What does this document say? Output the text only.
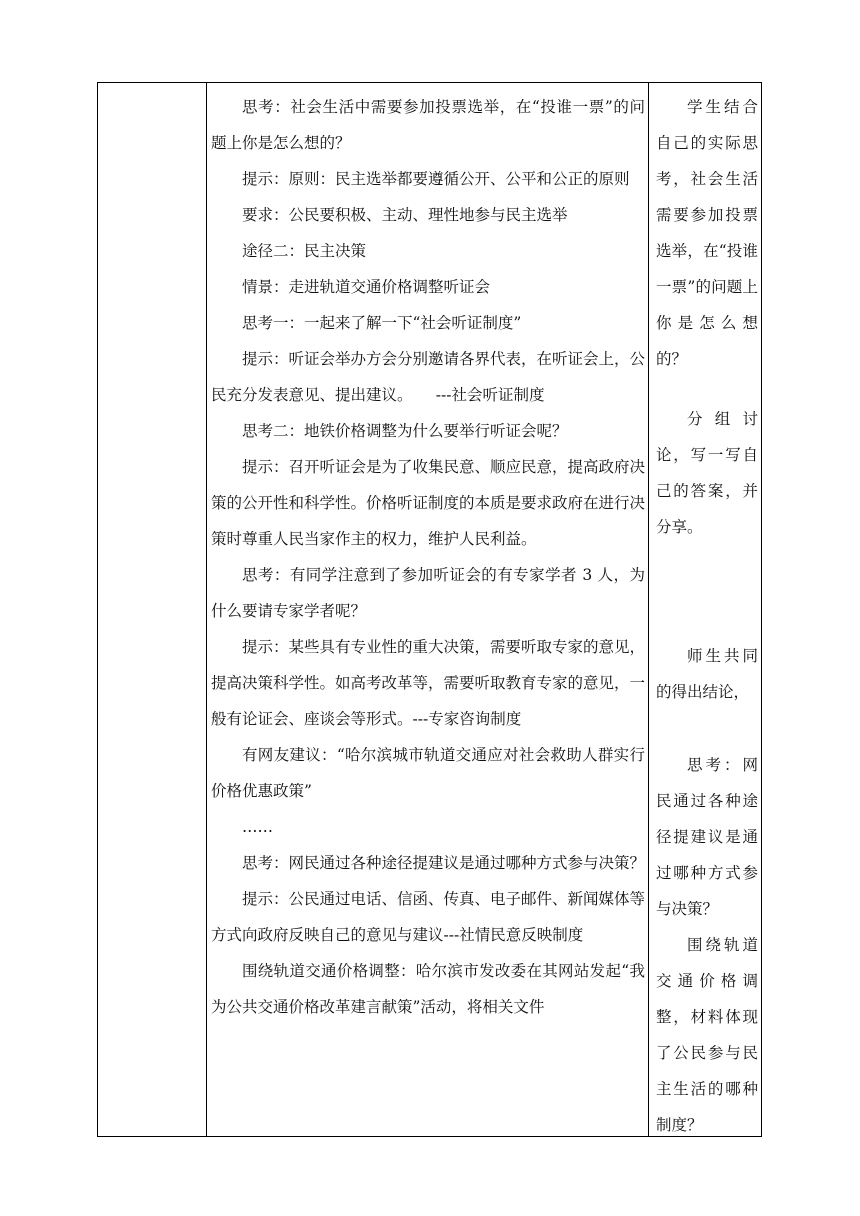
思考：社会生活中需要参加投票选举，在“投谁一票”的问题上你是怎么想的？

提示：原则：民主选举都要遵循公开、公平和公正的原则

要求：公民要积极、主动、理性地参与民主选举

途径二：民主决策

情景：走进轨道交通价格调整听证会

思考一：一起来了解一下“社会听证制度”

提示：听证会举办方会分别邀请各界代表，在听证会上，公民充分发表意见、提出建议。　　---社会听证制度

思考二：地铁价格调整为什么要举行听证会呢？

提示：召开听证会是为了收集民意、顺应民意，提高政府决策的公开性和科学性。价格听证制度的本质是要求政府在进行决策时尊重人民当家作主的权力，维护人民利益。

思考：有同学注意到了参加听证会的有专家学者 3 人，为什么要请专家学者呢？

提示：某些具有专业性的重大决策，需要听取专家的意见，提高决策科学性。如高考改革等，需要听取教育专家的意见，一般有论证会、座谈会等形式。---专家咨询制度

有网友建议：“哈尔滨城市轨道交通应对社会救助人群实行价格优惠政策”

……

思考：网民通过各种途径提建议是通过哪种方式参与决策？

提示：公民通过电话、信函、传真、电子邮件、新闻媒体等方式向政府反映自己的意见与建议---社情民意反映制度

围绕轨道交通价格调整：哈尔滨市发改委在其网站发起“我为公共交通价格改革建言献策”活动，将相关文件

学生结合自己的实际思考，社会生活需要参加投票选举，在“投谁一票”的问题上你是怎么想的？

分组讨论，写一写自己的答案，并分享。

师生共同的得出结论，

思考：网民通过各种途径提建议是通过哪种方式参与决策？

围绕轨道交通价格调整，材料体现了公民参与民主生活的哪种制度？
